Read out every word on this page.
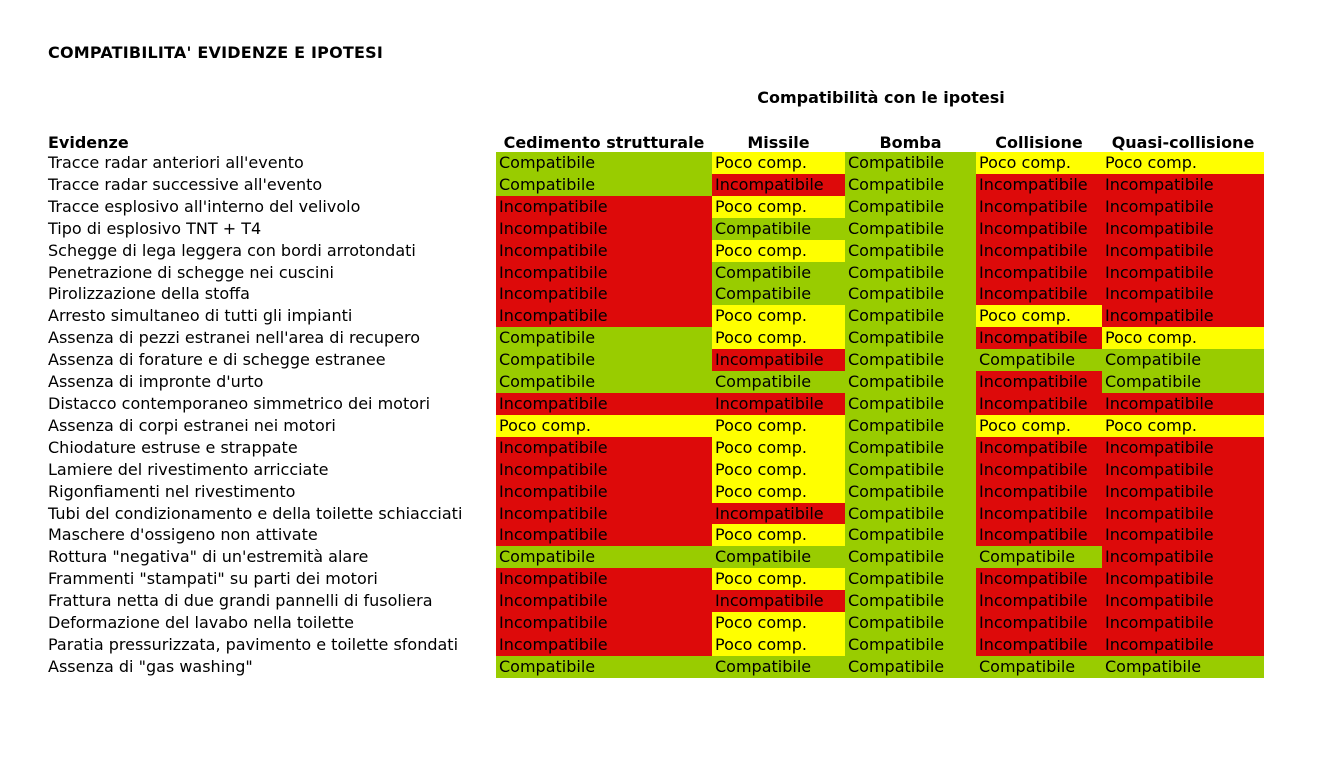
COMPATIBILITA' EVIDENZE E IPOTESI
Compatibilità con le ipotesi
Evidenze	Cedimento strutturale	Missile	Bomba	Collisione	Quasi-collisione
Tracce radar anteriori all'evento	Compatibile	Poco comp.	Compatibile	Poco comp.	Poco comp.
Tracce radar successive all'evento	Compatibile	Incompatibile	Compatibile	Incompatibile	Incompatibile
Tracce esplosivo all'interno del velivolo	Incompatibile	Poco comp.	Compatibile	Incompatibile	Incompatibile
Tipo di esplosivo TNT + T4	Incompatibile	Compatibile	Compatibile	Incompatibile	Incompatibile
Schegge di lega leggera con bordi arrotondati	Incompatibile	Poco comp.	Compatibile	Incompatibile	Incompatibile
Penetrazione di schegge nei cuscini	Incompatibile	Compatibile	Compatibile	Incompatibile	Incompatibile
Pirolizzazione della stoffa	Incompatibile	Compatibile	Compatibile	Incompatibile	Incompatibile
Arresto simultaneo di tutti gli impianti	Incompatibile	Poco comp.	Compatibile	Poco comp.	Incompatibile
Assenza di pezzi estranei nell'area di recupero	Compatibile	Poco comp.	Compatibile	Incompatibile	Poco comp.
Assenza di forature e di schegge estranee	Compatibile	Incompatibile	Compatibile	Compatibile	Compatibile
Assenza di impronte d'urto	Compatibile	Compatibile	Compatibile	Incompatibile	Compatibile
Distacco contemporaneo simmetrico dei motori	Incompatibile	Incompatibile	Compatibile	Incompatibile	Incompatibile
Assenza di corpi estranei nei motori	Poco comp.	Poco comp.	Compatibile	Poco comp.	Poco comp.
Chiodature estruse e strappate	Incompatibile	Poco comp.	Compatibile	Incompatibile	Incompatibile
Lamiere del rivestimento arricciate	Incompatibile	Poco comp.	Compatibile	Incompatibile	Incompatibile
Rigonfiamenti nel rivestimento	Incompatibile	Poco comp.	Compatibile	Incompatibile	Incompatibile
Tubi del condizionamento e della toilette schiacciati	Incompatibile	Incompatibile	Compatibile	Incompatibile	Incompatibile
Maschere d'ossigeno non attivate	Incompatibile	Poco comp.	Compatibile	Incompatibile	Incompatibile
Rottura "negativa" di un'estremità alare	Compatibile	Compatibile	Compatibile	Compatibile	Incompatibile
Frammenti "stampati" su parti dei motori	Incompatibile	Poco comp.	Compatibile	Incompatibile	Incompatibile
Frattura netta di due grandi pannelli di fusoliera	Incompatibile	Incompatibile	Compatibile	Incompatibile	Incompatibile
Deformazione del lavabo nella toilette	Incompatibile	Poco comp.	Compatibile	Incompatibile	Incompatibile
Paratia pressurizzata, pavimento e toilette sfondati	Incompatibile	Poco comp.	Compatibile	Incompatibile	Incompatibile
Assenza di "gas washing"	Compatibile	Compatibile	Compatibile	Compatibile	Compatibile
